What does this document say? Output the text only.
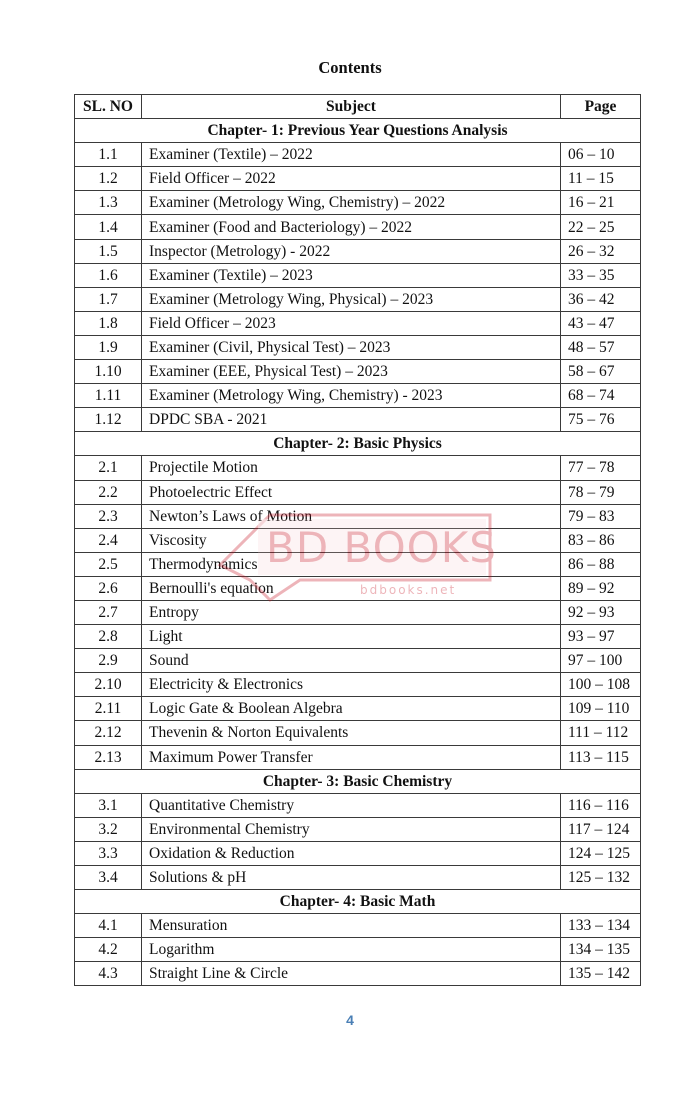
Contents
SL. NO	Subject	Page
Chapter- 1: Previous Year Questions Analysis		
1.1	Examiner (Textile) – 2022	06 – 10
1.2	Field Officer – 2022	11 – 15
1.3	Examiner (Metrology Wing, Chemistry) – 2022	16 – 21
1.4	Examiner (Food and Bacteriology) – 2022	22 – 25
1.5	Inspector (Metrology) - 2022	26 – 32
1.6	Examiner (Textile) – 2023	33 – 35
1.7	Examiner (Metrology Wing, Physical) – 2023	36 – 42
1.8	Field Officer – 2023	43 – 47
1.9	Examiner (Civil, Physical Test) – 2023	48 – 57
1.10	Examiner (EEE, Physical Test) – 2023	58 – 67
1.11	Examiner (Metrology Wing, Chemistry) - 2023	68 – 74
1.12	DPDC SBA - 2021	75 – 76
Chapter- 2: Basic Physics		
2.1	Projectile Motion	77 – 78
2.2	Photoelectric Effect	78 – 79
2.3	Newton’s Laws of Motion	79 – 83
2.4	Viscosity	83 – 86
2.5	Thermodynamics	86 – 88
2.6	Bernoulli's equation	89 – 92
2.7	Entropy	92 – 93
2.8	Light	93 – 97
2.9	Sound	97 – 100
2.10	Electricity & Electronics	100 – 108
2.11	Logic Gate & Boolean Algebra	109 – 110
2.12	Thevenin & Norton Equivalents	111 – 112
2.13	Maximum Power Transfer	113 – 115
Chapter- 3: Basic Chemistry		
3.1	Quantitative Chemistry	116 – 116
3.2	Environmental Chemistry	117 – 124
3.3	Oxidation & Reduction	124 – 125
3.4	Solutions & pH	125 – 132
Chapter- 4: Basic Math		
4.1	Mensuration	133 – 134
4.2	Logarithm	134 – 135
4.3	Straight Line & Circle	135 – 142
BD BOOKS
bdbooks.net
4
